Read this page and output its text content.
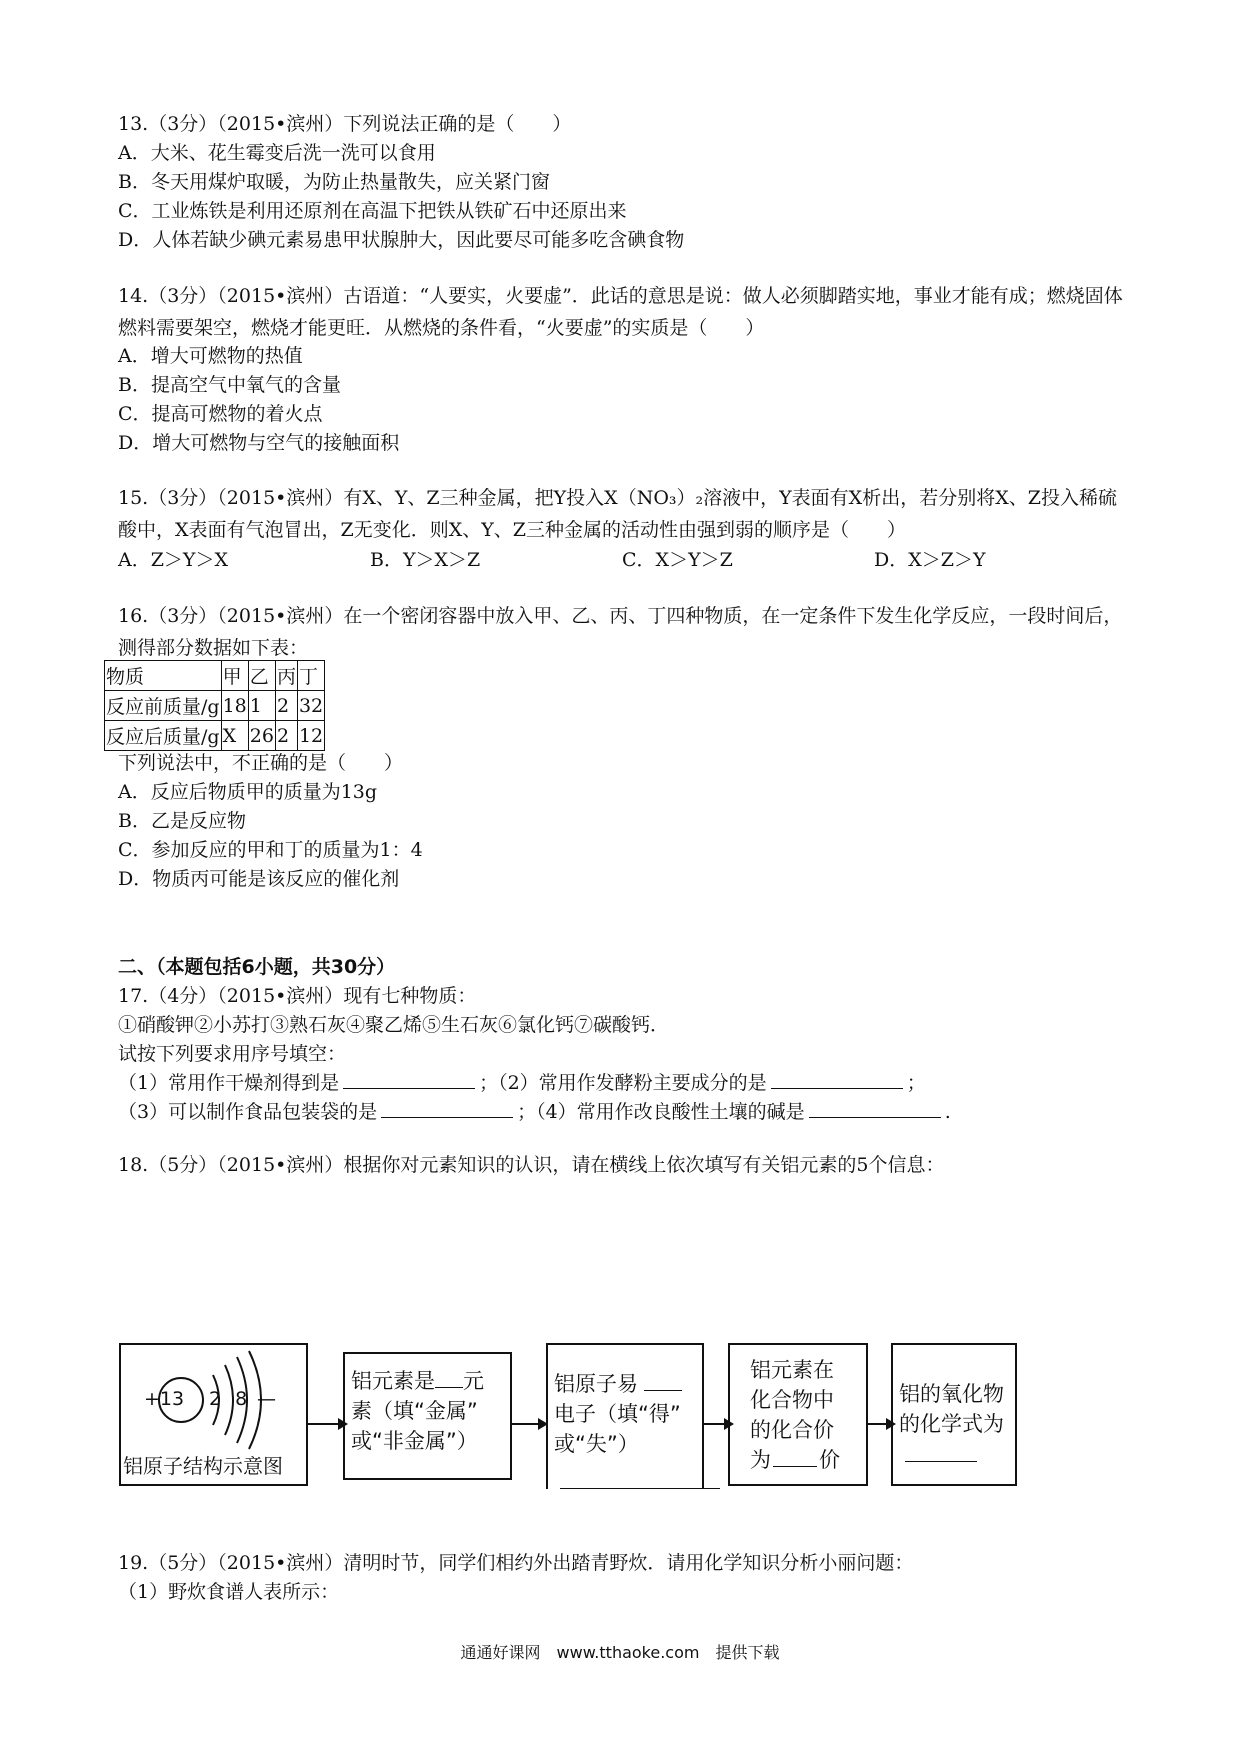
13.（3分）（2015•滨州）下列说法正确的是（　　）
A．大米、花生霉变后洗一洗可以食用
B．冬天用煤炉取暖，为防止热量散失，应关紧门窗
C．工业炼铁是利用还原剂在高温下把铁从铁矿石中还原出来
D．人体若缺少碘元素易患甲状腺肿大，因此要尽可能多吃含碘食物
14.（3分）（2015•滨州）古语道：“人要实，火要虚”．此话的意思是说：做人必须脚踏实地，事业才能有成；燃烧固体燃料需要架空，燃烧才能更旺．从燃烧的条件看，“火要虚”的实质是（　　）
A．增大可燃物的热值
B．提高空气中氧气的含量
C．提高可燃物的着火点
D．增大可燃物与空气的接触面积
15.（3分）（2015•滨州）有X、Y、Z三种金属，把Y投入X（NO₃）₂溶液中，Y表面有X析出，若分别将X、Z投入稀硫酸中，X表面有气泡冒出，Z无变化．则X、Y、Z三种金属的活动性由强到弱的顺序是（　　）
A．Z＞Y＞X	B．Y＞X＞Z	C．X＞Y＞Z	D．X＞Z＞Y
16.（3分）（2015•滨州）在一个密闭容器中放入甲、乙、丙、丁四种物质，在一定条件下发生化学反应，一段时间后，测得部分数据如下表：
物质	甲	乙	丙	丁
反应前质量/g	18	1	2	32
反应后质量/g	X	26	2	12
下列说法中，不正确的是（　　）
A．反应后物质甲的质量为13g
B．乙是反应物
C．参加反应的甲和丁的质量为1：4
D．物质丙可能是该反应的催化剂
二、（本题包括6小题，共30分）
17.（4分）（2015•滨州）现有七种物质：
①硝酸钾②小苏打③熟石灰④聚乙烯⑤生石灰⑥氯化钙⑦碳酸钙．
试按下列要求用序号填空：
（1）常用作干燥剂得到是	；（2）常用作发酵粉主要成分的是	；
（3）可以制作食品包装袋的是	；（4）常用作改良酸性土壤的碱是	.
18.（5分）（2015•滨州）根据你对元素知识的认识，请在横线上依次填写有关铝元素的5个信息：
+13 2 8 —
铝原子结构示意图
铝元素是 元
素（填“金属”
或“非金属”）
铝原子易
电子（填“得”
或“失”）
铝元素在
化合物中
的化合价
为 价
铝的氧化物
的化学式为
19.（5分）（2015•滨州）清明时节，同学们相约外出踏青野炊．请用化学知识分析小丽问题：
（1）野炊食谱人表所示：
通通好课网　www.tthaoke.com　提供下载
